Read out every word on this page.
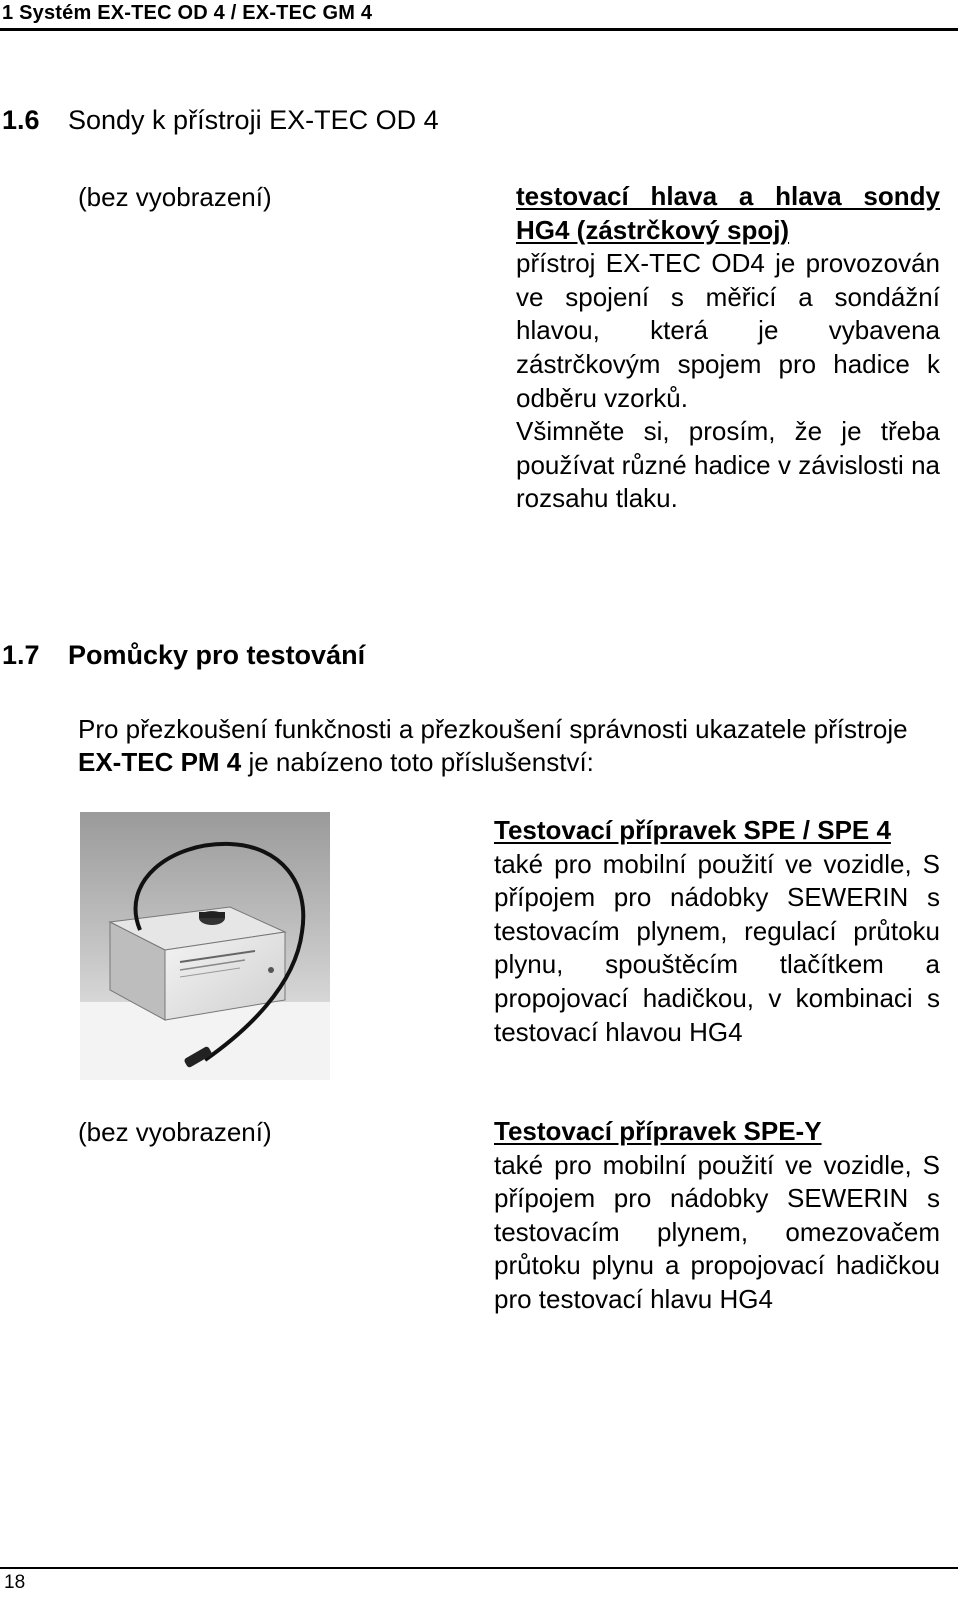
1 Systém EX-TEC OD 4 / EX-TEC GM 4
1.6 Sondy k přístroji EX-TEC OD 4
(bez vyobrazení)	testovací hlava a hlava sondy HG4 (zástrčkový spoj)
přístroj EX-TEC OD4 je provozován ve spojení s měřicí a sondážní hlavou, která je vybavena zástrčkovým spojem pro hadice k odběru vzorků.
Všimněte si, prosím, že je třeba používat různé hadice v závislosti na rozsahu tlaku.
1.7 Pomůcky pro testování
Pro přezkoušení funkčnosti a přezkoušení správnosti ukazatele přístroje EX-TEC PM 4 je nabízeno toto příslušenství:
Testovací přípravek SPE / SPE 4
také pro mobilní použití ve vozidle, S přípojem pro nádobky SEWERIN s testovacím plynem, regulací průtoku plynu, spouštěcím tlačítkem a propojovací hadičkou, v kombinaci s testovací hlavou HG4
(bez vyobrazení)	Testovací přípravek SPE-Y
také pro mobilní použití ve vozidle, S přípojem pro nádobky SEWERIN s testovacím plynem, omezovačem průtoku plynu a propojovací hadičkou pro testovací hlavu HG4
18
